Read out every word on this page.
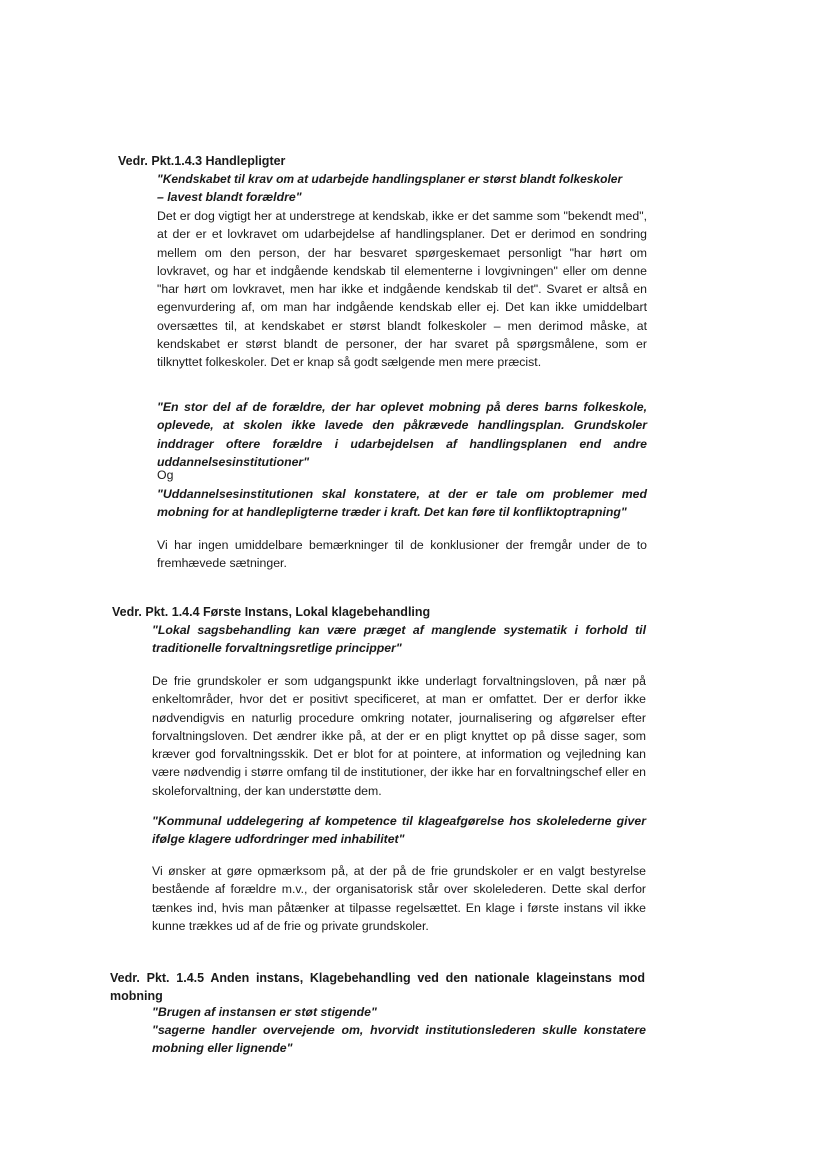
Vedr. Pkt.1.4.3 Handlepligter

"Kendskabet til krav om at udarbejde handlingsplaner er størst blandt folkeskoler
– lavest blandt forældre"

Det er dog vigtigt her at understrege at kendskab, ikke er det samme som "bekendt med", at der er et lovkravet om udarbejdelse af handlingsplaner. Det er derimod en sondring mellem om den person, der har besvaret spørgeskemaet personligt "har hørt om lovkravet, og har et indgående kendskab til elementerne i lovgivningen" eller om denne "har hørt om lovkravet, men har ikke et indgående kendskab til det". Svaret er altså en egenvurdering af, om man har indgående kendskab eller ej. Det kan ikke umiddelbart oversættes til, at kendskabet er størst blandt folkeskoler – men derimod måske, at kendskabet er størst blandt de personer, der har svaret på spørgsmålene, som er tilknyttet folkeskoler. Det er knap så godt sælgende men mere præcist.

"En stor del af de forældre, der har oplevet mobning på deres barns folkeskole, oplevede, at skolen ikke lavede den påkrævede handlingsplan. Grundskoler inddrager oftere forældre i udarbejdelsen af handlingsplanen end andre uddannelsesinstitutioner"

Og

"Uddannelsesinstitutionen skal konstatere, at der er tale om problemer med mobning for at handlepligterne træder i kraft. Det kan føre til konfliktoptrapning"

Vi har ingen umiddelbare bemærkninger til de konklusioner der fremgår under de to fremhævede sætninger.

Vedr. Pkt. 1.4.4 Første Instans, Lokal klagebehandling

"Lokal sagsbehandling kan være præget af manglende systematik i forhold til traditionelle forvaltningsretlige principper"

De frie grundskoler er som udgangspunkt ikke underlagt forvaltningsloven, på nær på enkeltområder, hvor det er positivt specificeret, at man er omfattet. Der er derfor ikke nødvendigvis en naturlig procedure omkring notater, journalisering og afgørelser efter forvaltningsloven. Det ændrer ikke på, at der er en pligt knyttet op på disse sager, som kræver god forvaltningsskik. Det er blot for at pointere, at information og vejledning kan være nødvendig i større omfang til de institutioner, der ikke har en forvaltningschef eller en skoleforvaltning, der kan understøtte dem.

"Kommunal uddelegering af kompetence til klageafgørelse hos skolelederne giver ifølge klagere udfordringer med inhabilitet"

Vi ønsker at gøre opmærksom på, at der på de frie grundskoler er en valgt bestyrelse bestående af forældre m.v., der organisatorisk står over skolelederen. Dette skal derfor tænkes ind, hvis man påtænker at tilpasse regelsættet. En klage i første instans vil ikke kunne trækkes ud af de frie og private grundskoler.

Vedr. Pkt. 1.4.5 Anden instans, Klagebehandling ved den nationale klageinstans mod mobning

"Brugen af instansen er støt stigende"

"sagerne handler overvejende om, hvorvidt institutionslederen skulle konstatere mobning eller lignende"
